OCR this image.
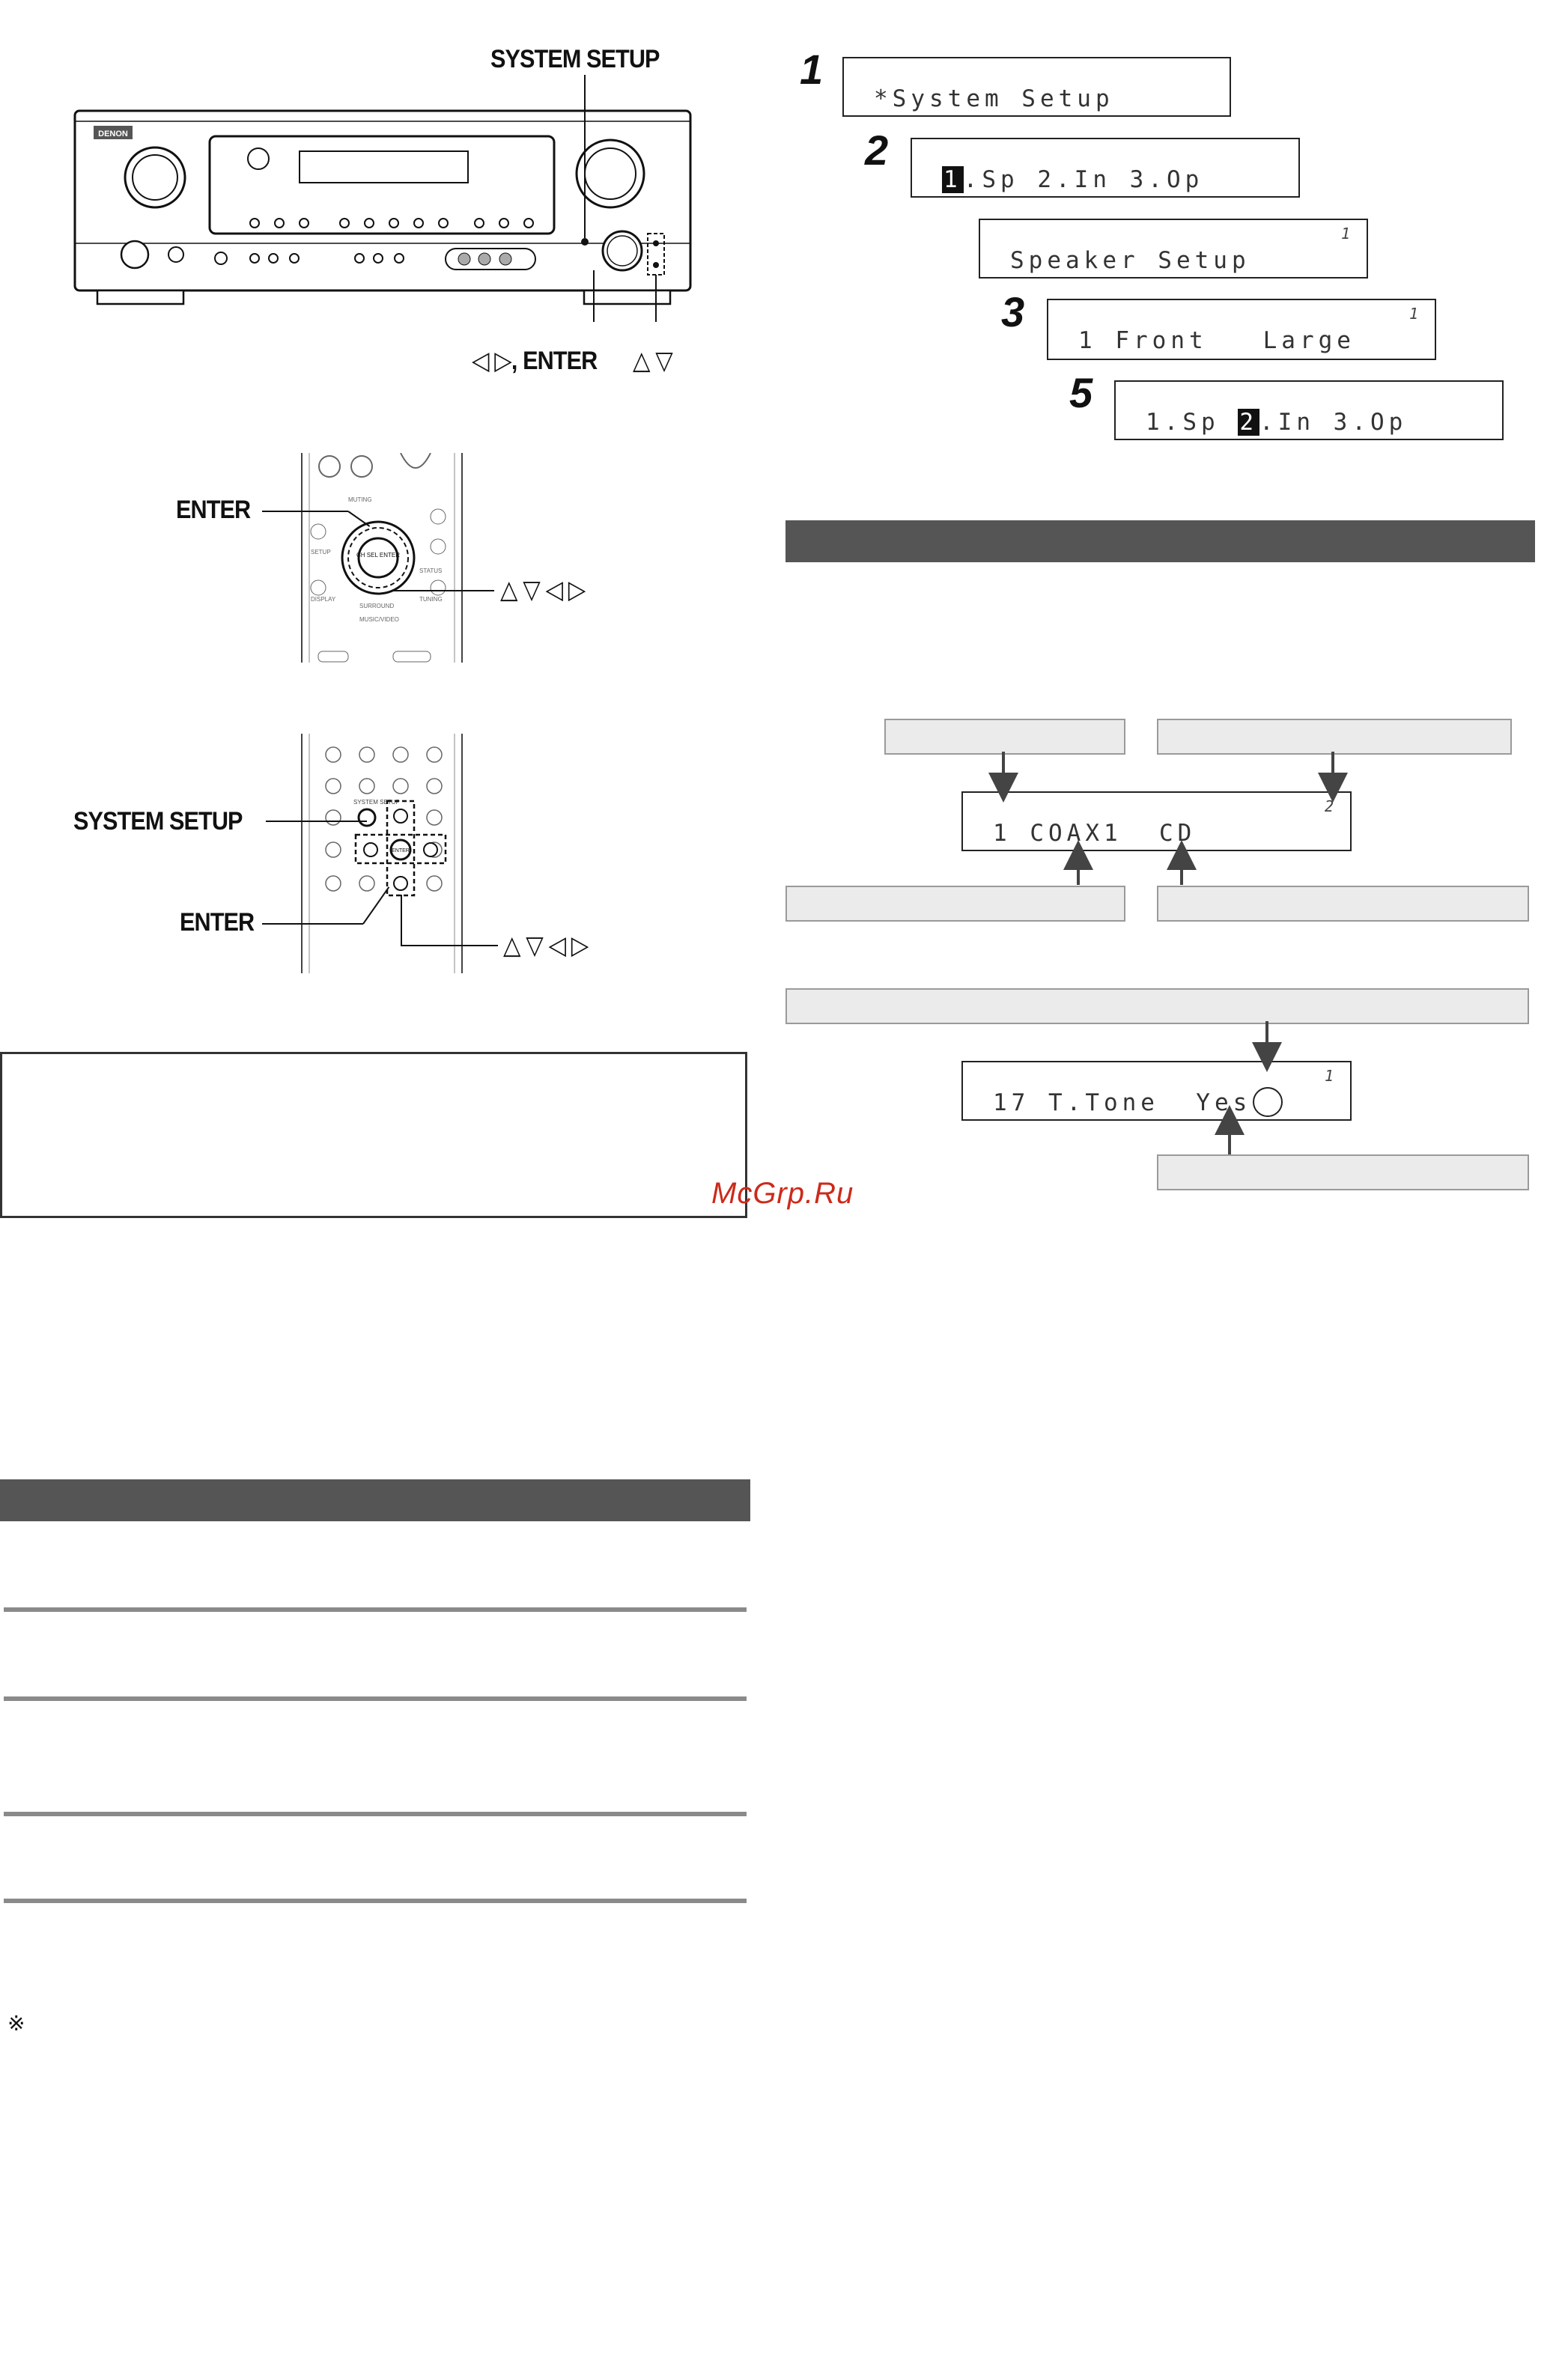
SYSTEM SETUP
DENON
◁ ▷, ENTER △ ▽
MUTING
SETUP
DISPLAY
SURROUND
MUSIC/VIDEO
STATUS
TUNING
CH SEL ENTER
ENTER
△ ▽ ◁ ▷
SYSTEM SETUP
ENTER
SYSTEM SETUP
ENTER
△ ▽ ◁ ▷
※
1
*System Setup
2
1.Sp 2.In 3.Op
Speaker Setup
1
3
1 Front   Large
1
5
1.Sp 2.In 3.Op
1 COAX1  CD
2
17 T.Tone  Yes
1
McGrp.Ru
